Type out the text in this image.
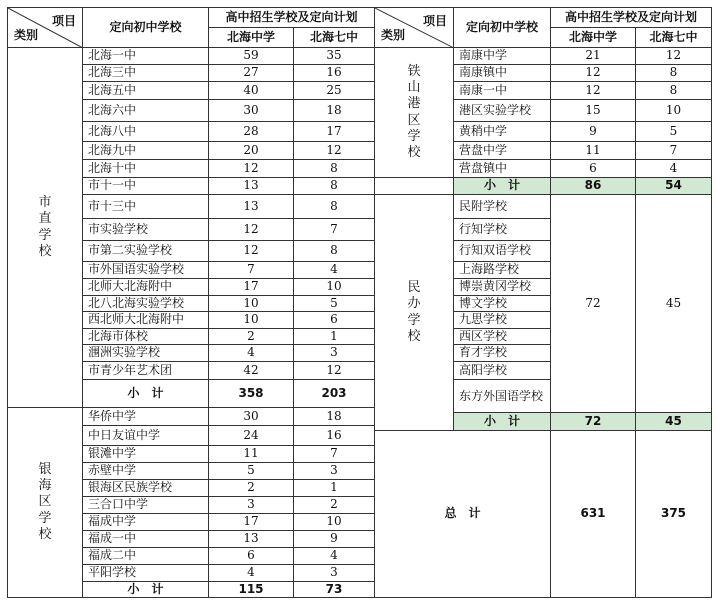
项目
类别
定向初中学校
高中招生学校及定向计划
北海中学	北海七中
项目
类别
定向初中学校
高中招生学校及定向计划
北海中学	北海七中
市直学校
银海区学校
北海一中	59	35
北海三中	27	16
北海五中	40	25
北海六中	30	18
北海八中	28	17
北海九中	20	12
北海十中	12	8
市十一中	13	8
市十三中	13	8
市实验学校	12	7
市第二实验学校	12	8
市外国语实验学校	7	4
北师大北海附中	17	10
北八北海实验学校	10	5
西北师大北海附中	10	6
北海市体校	2	1
涠洲实验学校	4	3
市青少年艺术团	42	12
小　计	358	203
华侨中学	30	18
中日友谊中学	24	16
银滩中学	11	7
赤壁中学	5	3
银海区民族学校	2	1
三合口中学	3	2
福成中学	17	10
福成一中	13	9
福成二中	6	4
平阳学校	4	3
小　计	115	73
铁山港区学校
民办学校
南康中学	21	12
南康镇中	12	8
南康一中	12	8
港区实验学校	15	10
黄稍中学	9	5
营盘中学	11	7
营盘镇中	6	4
小　计	86	54
民附学校
行知学校
行知双语学校
上海路学校
博崇黄冈学校
博文学校
九思学校
西区学校
育才学校
高阳学校
东方外国语学校
小　计	72	45
72	45
总　计	631	375
